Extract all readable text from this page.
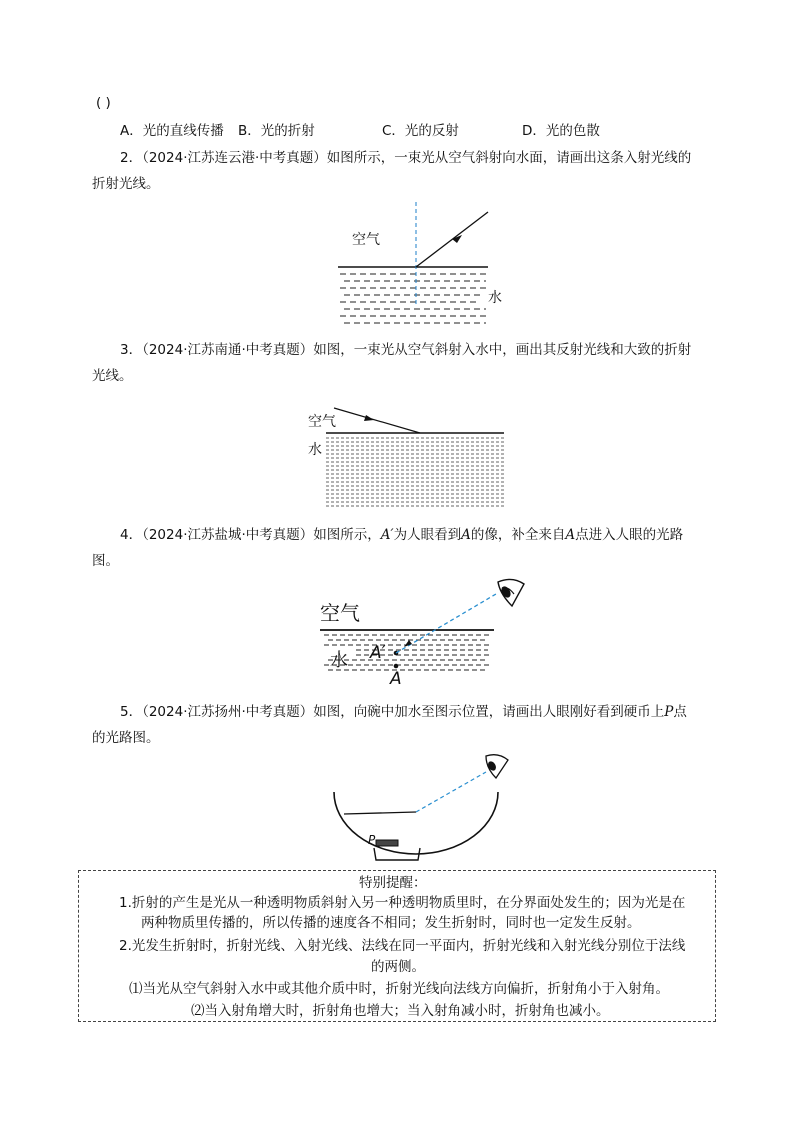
( )
A．光的直线传播 B．光的折射	C．光的反射	D．光的色散
2．（2024·江苏连云港·中考真题）如图所示，一束光从空气斜射向水面，请画出这条入射光线的
折射光线。
空气
水
3．（2024·江苏南通·中考真题）如图，一束光从空气斜射入水中，画出其反射光线和大致的折射
光线。
空气
水
4．（2024·江苏盐城·中考真题）如图所示，A′为人眼看到A的像，补全来自A点进入人眼的光路
图。
空气
水 A′
A
5．（2024·江苏扬州·中考真题）如图，向碗中加水至图示位置，请画出人眼刚好看到硬币上P点
的光路图。
P
特别提醒：
1.折射的产生是光从一种透明物质斜射入另一种透明物质里时，在分界面处发生的；因为光是在
两种物质里传播的，所以传播的速度各不相同；发生折射时，同时也一定发生反射。
2.光发生折射时，折射光线、入射光线、法线在同一平面内，折射光线和入射光线分别位于法线
的两侧。
⑴当光从空气斜射入水中或其他介质中时，折射光线向法线方向偏折，折射角小于入射角。
⑵当入射角增大时，折射角也增大；当入射角减小时，折射角也减小。
